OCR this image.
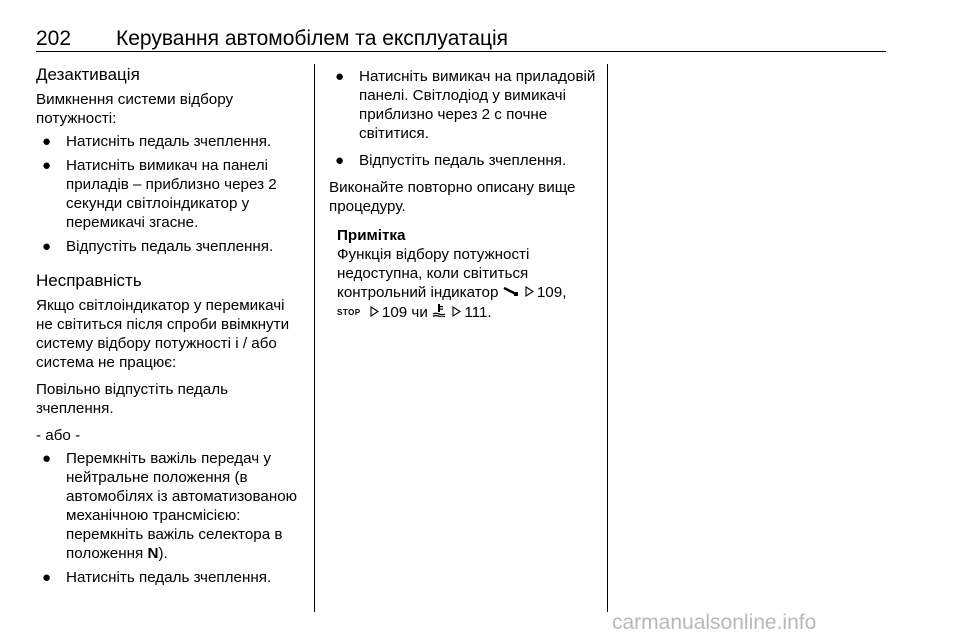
202 Керування автомобілем та експлуатація
Дезактивація

Вимкнення системи відбору потужності:

● Натисніть педаль зчеплення.
● Натисніть вимикач на панелі приладів – приблизно через 2 секунди світлоіндикатор у перемикачі згасне.
● Відпустіть педаль зчеплення.
Несправність

Якщо світлоіндикатор у перемикачі не світиться після спроби ввімкнути систему відбору потужності і / або система не працює:

Повільно відпустіть педаль зчеплення.

- або -

● Перемкніть важіль передач у нейтральне положення (в автомобілях із автоматизованою механічною трансмісією: перемкніть важіль селектора в положення N).
● Натисніть педаль зчеплення.
● Натисніть вимикач на приладовій панелі. Світлодіод у вимикачі приблизно через 2 с почне світитися.
● Відпустіть педаль зчеплення.

Виконайте повторно описану вище процедуру.

Примітка

Функція відбору потужності недоступна, коли світиться контрольний індикатор	109,
STOP 109 чи 111.

carmanualsonline.info
